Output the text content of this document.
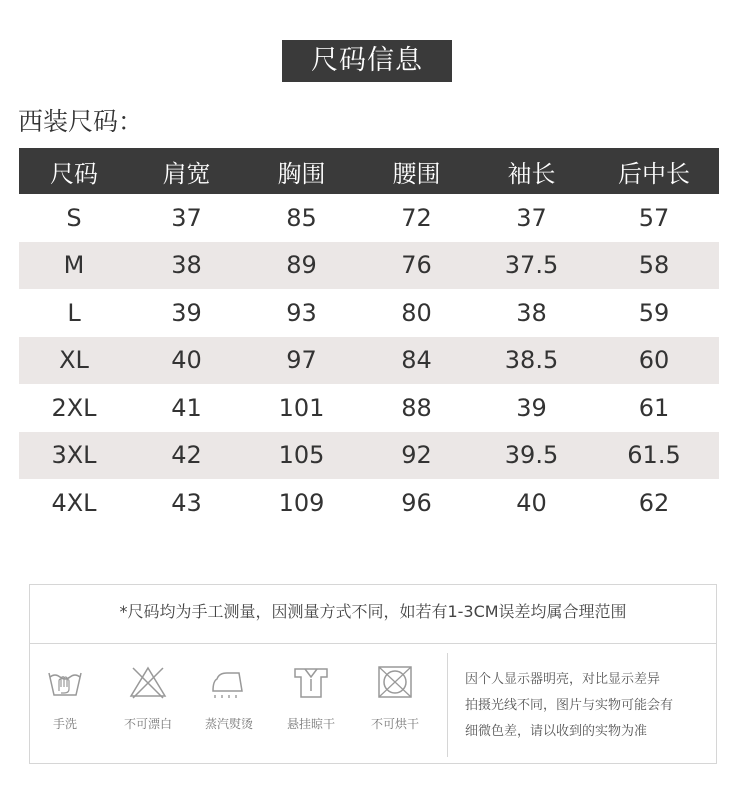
尺码信息
西装尺码：
尺码	肩宽	胸围	腰围	袖长	后中长
S	37	85	72	37	57
M	38	89	76	37.5	58
L	39	93	80	38	59
XL	40	97	84	38.5	60
2XL	41	101	88	39	61
3XL	42	105	92	39.5	61.5
4XL	43	109	96	40	62
*尺码均为手工测量，因测量方式不同，如若有1-3CM误差均属合理范围
手洗	不可漂白	蒸汽熨烫	悬挂晾干	不可烘干
因个人显示器明亮，对比显示差异
拍摄光线不同，图片与实物可能会有
细微色差，请以收到的实物为准
